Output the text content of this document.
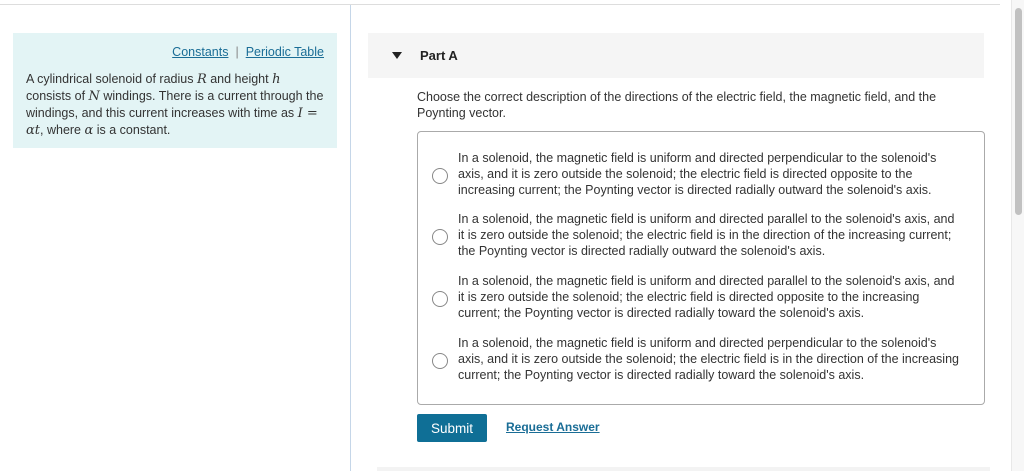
Constants | Periodic Table
A cylindrical solenoid of radius R and height h consists of N windings. There is a current through the windings, and this current increases with time as I = αt, where α is a constant.
Part A
Choose the correct description of the directions of the electric field, the magnetic field, and the Poynting vector.
In a solenoid, the magnetic field is uniform and directed perpendicular to the solenoid's axis, and it is zero outside the solenoid; the electric field is directed opposite to the increasing current; the Poynting vector is directed radially outward the solenoid's axis.
In a solenoid, the magnetic field is uniform and directed parallel to the solenoid's axis, and it is zero outside the solenoid; the electric field is in the direction of the increasing current; the Poynting vector is directed radially outward the solenoid's axis.
In a solenoid, the magnetic field is uniform and directed parallel to the solenoid's axis, and it is zero outside the solenoid; the electric field is directed opposite to the increasing current; the Poynting vector is directed radially toward the solenoid's axis.
In a solenoid, the magnetic field is uniform and directed perpendicular to the solenoid's axis, and it is zero outside the solenoid; the electric field is in the direction of the increasing current; the Poynting vector is directed radially toward the solenoid's axis.
Submit	Request Answer
